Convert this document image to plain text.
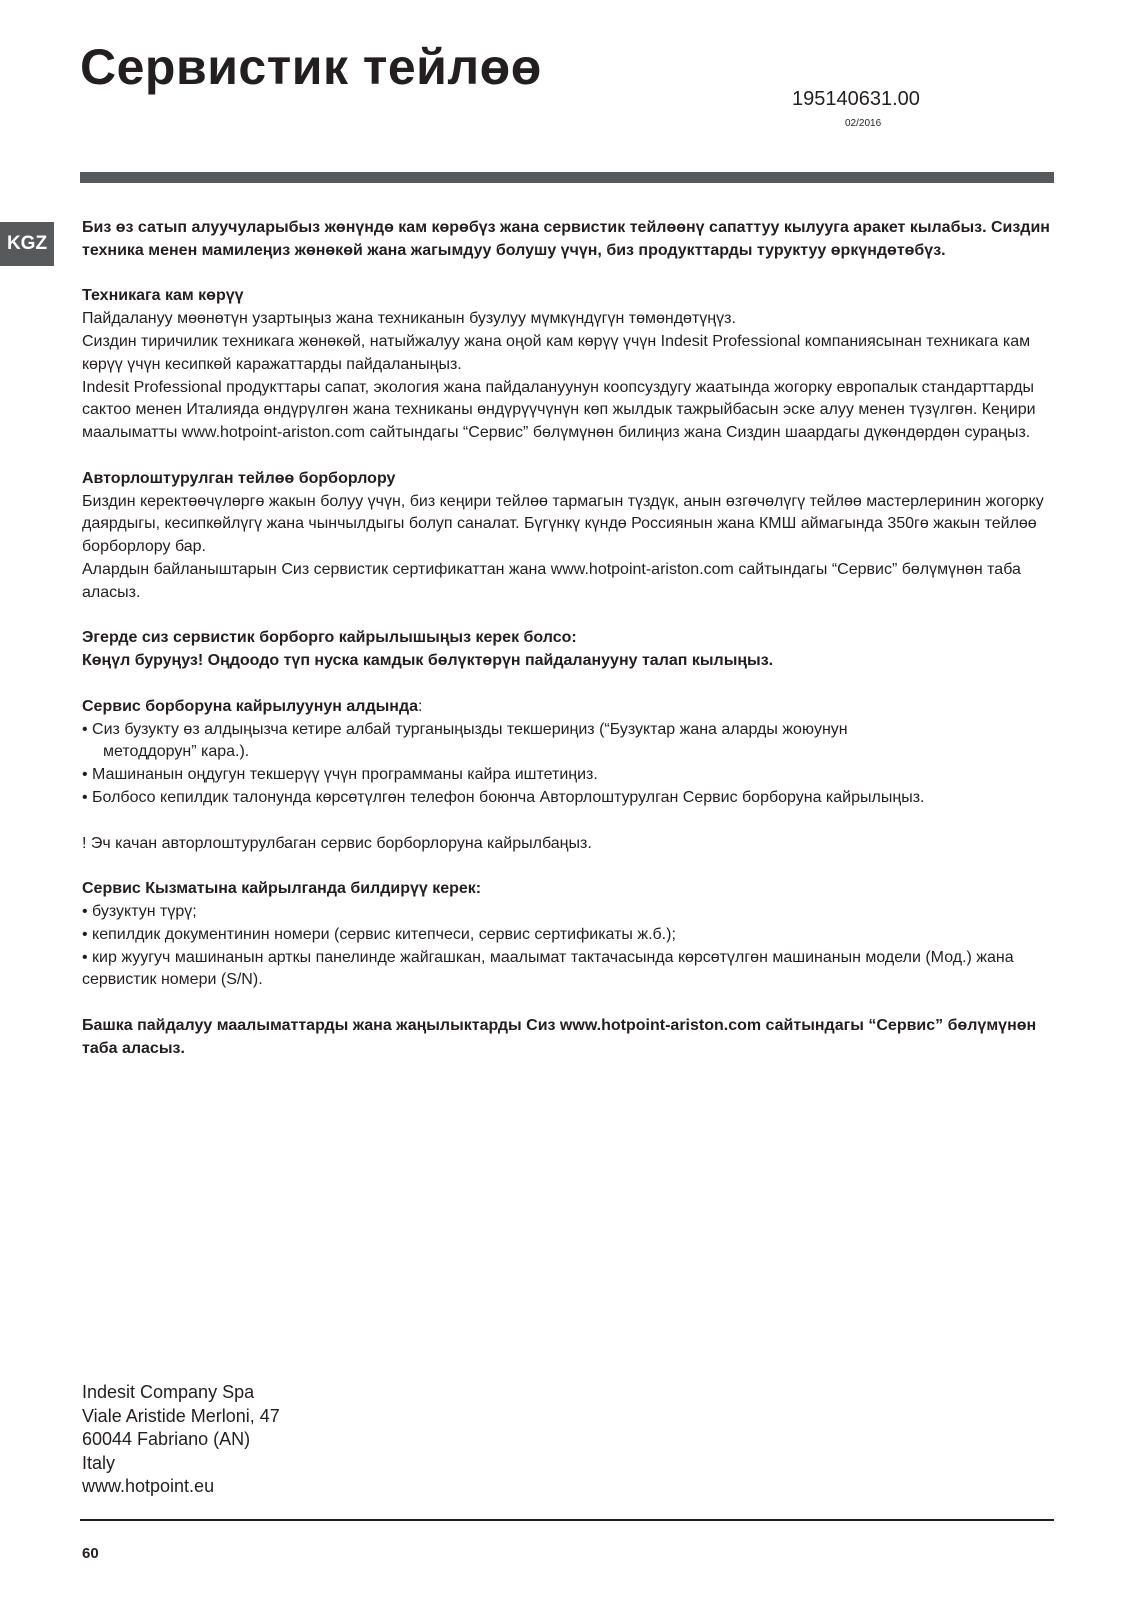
Сервистик тейлөө
195140631.00
02/2016
KGZ

Биз өз сатып алуучуларыбыз жөнүндө кам көрөбүз жана сервистик тейлөөнү сапаттуу кылууга аракет кылабыз. Сиздин техника менен мамилеңиз жөнөкөй жана жагымдуу болушу үчүн, биз продукттарды туруктуу өркүндөтөбүз.

Техникага кам көрүү

Пайдалануу мөөнөтүн узартыңыз жана техниканын бузулуу мүмкүндүгүн төмөндөтүңүз.

Сиздин тиричилик техникага жөнөкөй, натыйжалуу жана оңой кам көрүү үчүн Indesit Professional компаниясынан техникага кам көрүү үчүн кесипкөй каражаттарды пайдаланыңыз.

Indesit Professional продукттары сапат, экология жана пайдалануунун коопсуздугу жаатында жогорку европалык стандарттарды сактоо менен Италияда өндүрүлгөн жана техниканы өндүрүүчүнүн көп жылдык тажрыйбасын эске алуу менен түзүлгөн. Кеңири маалыматты www.hotpoint-ariston.com сайтындагы “Сервис” бөлүмүнөн билиңиз жана Сиздин шаардагы дүкөндөрдөн сураңыз.

Авторлоштурулган тейлөө борборлору

Биздин керектөөчүлөргө жакын болуу үчүн, биз кеңири тейлөө тармагын түздүк, анын өзгөчөлүгү тейлөө мастерлеринин жогорку даярдыгы, кесипкөйлүгү жана чынчылдыгы болуп саналат. Бүгүнкү күндө Россиянын жана КМШ аймагында 350гө жакын тейлөө борборлору бар.

Алардын байланыштарын Сиз сервистик сертификаттан жана www.hotpoint-ariston.com сайтындагы “Сервис” бөлүмүнөн таба аласыз.

Эгерде сиз сервистик борборго кайрылышыңыз керек болсо:

Көңүл буруңуз! Оңдоодо түп нуска камдык бөлүктөрүн пайдаланууну талап кылыңыз.

Сервис борборуна кайрылуунун алдында:

• Сиз бузукту өз алдыңызча кетире албай турганыңызды текшериңиз (“Бузуктар жана аларды жоюунун

методдорун” кара.).

• Машинанын оңдугун текшерүү үчүн программаны кайра иштетиңиз.

• Болбосо кепилдик талонунда көрсөтүлгөн телефон боюнча Авторлоштурулган Сервис борборуна кайрылыңыз.

! Эч качан авторлоштурулбаган сервис борборлоруна кайрылбаңыз.

Сервис Кызматына кайрылганда билдирүү керек:

• бузуктун түрү;

• кепилдик документинин номери (сервис китепчеси, сервис сертификаты ж.б.);

• кир жуугуч машинанын арткы панелинде жайгашкан, маалымат тактачасында көрсөтүлгөн машинанын модели (Мод.) жана сервистик номери (S/N).

Башка пайдалуу маалыматтарды жана жаңылыктарды Сиз www.hotpoint-ariston.com сайтындагы “Сервис” бөлүмүнөн таба аласыз.

Indesit Company Spa
Viale Aristide Merloni, 47
60044 Fabriano (AN)
Italy
www.hotpoint.eu
60
